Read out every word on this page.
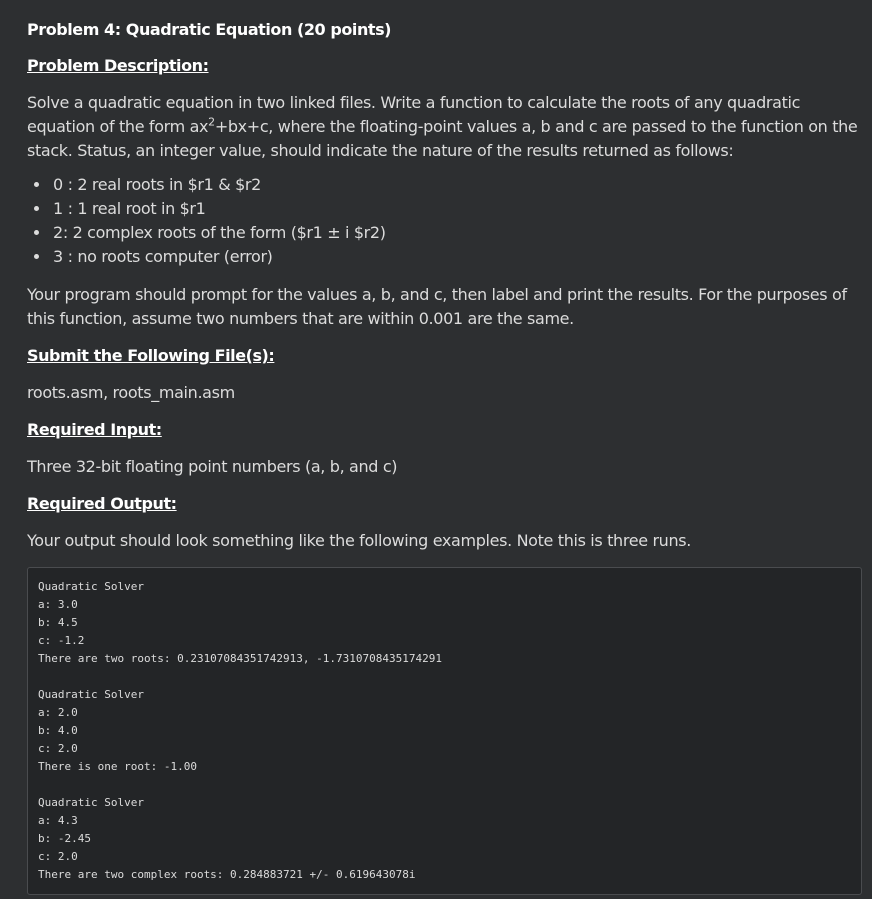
Problem 4: Quadratic Equation (20 points)
Problem Description:

Solve a quadratic equation in two linked files. Write a function to calculate the roots of any quadratic equation of the form $ax^2+bx+c$, where the floating-point values a, b and c are passed to the function on the stack. Status, an integer value, should indicate the nature of the results returned as follows:

• 0 : 2 real roots in $r1 & $r2
• 1 : 1 real root in $r1
• 2: 2 complex roots of the form ($r1 ± i $r2)
• 3 : no roots computer (error)

Your program should prompt for the values a, b, and c, then label and print the results. For the purposes of this function, assume two numbers that are within 0.001 are the same.

Submit the Following File(s):

roots.asm, roots_main.asm

Required Input:

Three 32-bit floating point numbers (a, b, and c)

Required Output:

Your output should look something like the following examples. Note this is three runs.

Quadratic Solver
a: 3.0
b: 4.5
c: -1.2
There are two roots: 0.23107084351742913, -1.7310708435174291
Quadratic Solver
a: 2.0
b: 4.0
c: 2.0
There is one root: -1.00
Quadratic Solver
a: 4.3
b: -2.45
c: 2.0
There are two complex roots: 0.284883721 +/- 0.619643078i
